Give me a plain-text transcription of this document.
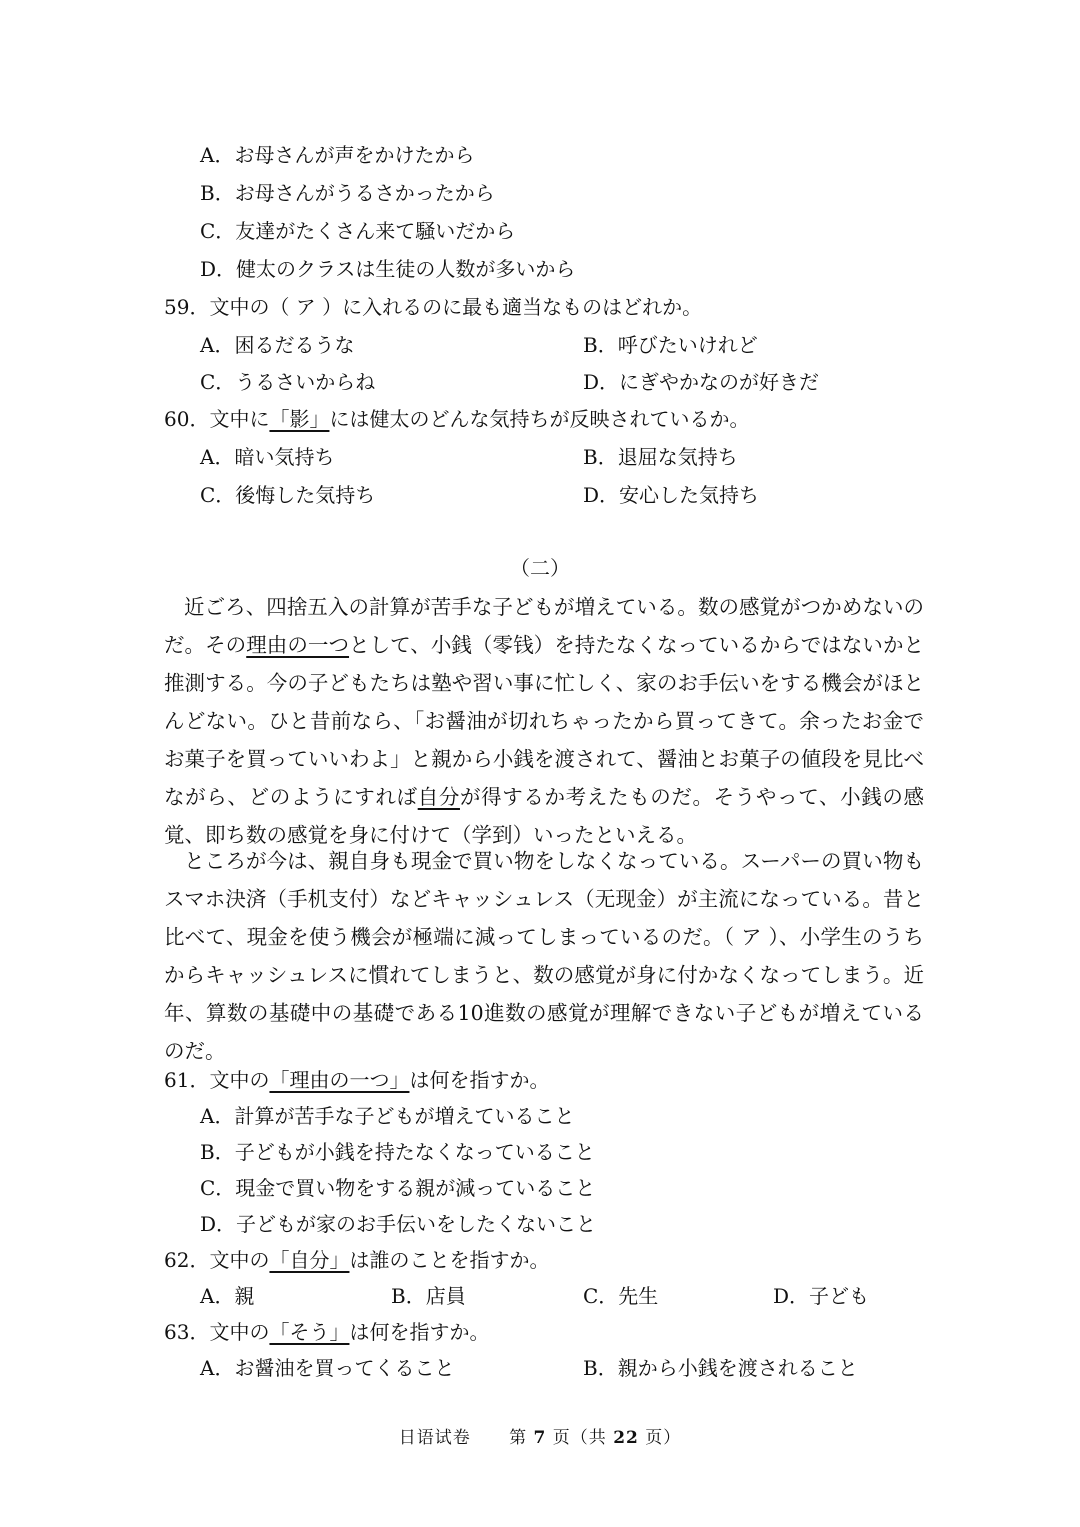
A．お母さんが声をかけたから
B．お母さんがうるさかったから
C．友達がたくさん来て騒いだから
D．健太のクラスは生徒の人数が多いから
59．文中の（ ア ）に入れるのに最も適当なものはどれか。
A．困るだるうな	B．呼びたいけれど
C．うるさいからね	D．にぎやかなのが好きだ
60．文中に「影」には健太のどんな気持ちが反映されているか。
A．暗い気持ち	B．退屈な気持ち
C．後悔した気持ち	D．安心した気持ち
（二）
近ごろ、四捨五入の計算が苦手な子どもが増えている。数の感覚がつかめないのだ。その理由の一つとして、小銭（零钱）を持たなくなっているからではないかと推測する。今の子どもたちは塾や習い事に忙しく、家のお手伝いをする機会がほとんどない。ひと昔前なら、「お醤油が切れちゃったから買ってきて。余ったお金でお菓子を買っていいわよ」と親から小銭を渡されて、醤油とお菓子の値段を見比べながら、どのようにすれば自分が得するか考えたものだ。そうやって、小銭の感覚、即ち数の感覚を身に付けて（学到）いったといえる。
ところが今は、親自身も現金で買い物をしなくなっている。スーパーの買い物もスマホ決済（手机支付）などキャッシュレス（无现金）が主流になっている。昔と比べて、現金を使う機会が極端に減ってしまっているのだ。（ ア ）、小学生のうちからキャッシュレスに慣れてしまうと、数の感覚が身に付かなくなってしまう。近年、算数の基礎中の基礎である10進数の感覚が理解できない子どもが増えているのだ。
61．文中の「理由の一つ」は何を指すか。
A．計算が苦手な子どもが増えていること
B．子どもが小銭を持たなくなっていること
C．現金で買い物をする親が減っていること
D．子どもが家のお手伝いをしたくないこと
62．文中の「自分」は誰のことを指すか。
A．親	B．店員	C．先生	D．子ども
63．文中の「そう」は何を指すか。
A．お醤油を買ってくること	B．親から小銭を渡されること
日语试卷 第 7 页（共 22 页）
